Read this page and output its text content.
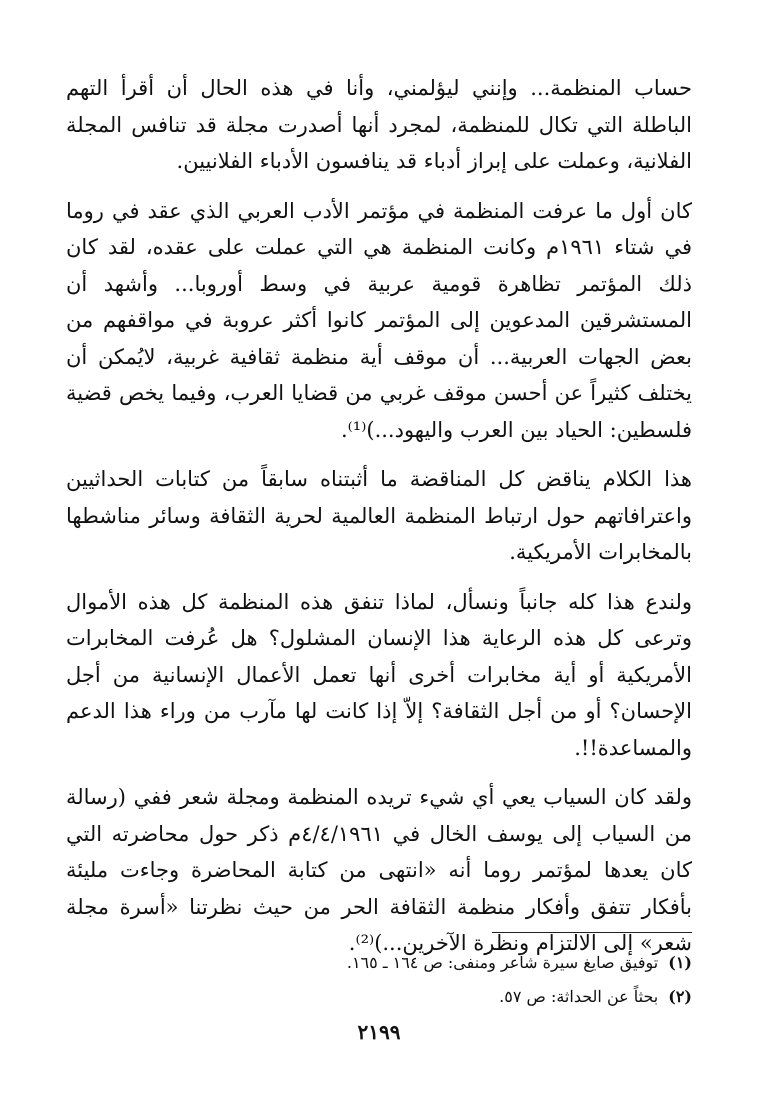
حساب المنظمة... وإنني ليؤلمني، وأنا في هذه الحال أن أقرأ التهم الباطلة التي تكال للمنظمة، لمجرد أنها أصدرت مجلة قد تنافس المجلة الفلانية، وعملت على إبراز أدباء قد ينافسون الأدباء الفلانيين.

كان أول ما عرفت المنظمة في مؤتمر الأدب العربي الذي عقد في روما في شتاء ١٩٦١م وكانت المنظمة هي التي عملت على عقده، لقد كان ذلك المؤتمر تظاهرة قومية عربية في وسط أوروبا... وأشهد أن المستشرقين المدعوين إلى المؤتمر كانوا أكثر عروبة في مواقفهم من بعض الجهات العربية... أن موقف أية منظمة ثقافية غربية، لايُمكن أن يختلف كثيراً عن أحسن موقف غربي من قضايا العرب، وفيما يخص قضية فلسطين: الحياد بين العرب واليهود...)⁽¹⁾.

هذا الكلام يناقض كل المناقضة ما أثبتناه سابقاً من كتابات الحداثيين واعترافاتهم حول ارتباط المنظمة العالمية لحرية الثقافة وسائر مناشطها بالمخابرات الأمريكية.

ولندع هذا كله جانباً ونسأل، لماذا تنفق هذه المنظمة كل هذه الأموال وترعى كل هذه الرعاية هذا الإنسان المشلول؟ هل عُرفت المخابرات الأمريكية أو أية مخابرات أخرى أنها تعمل الأعمال الإنسانية من أجل الإحسان؟ أو من أجل الثقافة؟ إلاّ إذا كانت لها مآرب من وراء هذا الدعم والمساعدة!!.

ولقد كان السياب يعي أي شيء تريده المنظمة ومجلة شعر ففي (رسالة من السياب إلى يوسف الخال في ٤/٤/١٩٦١م ذكر حول محاضرته التي كان يعدها لمؤتمر روما أنه «انتهى من كتابة المحاضرة وجاءت مليئة بأفكار تتفق وأفكار منظمة الثقافة الحر من حيث نظرتنا «أسرة مجلة شعر» إلى الالتزام ونظرة الآخرين...)⁽²⁾.

(١)توفيق صايغ سيرة شاعر ومنفى: ص ١٦٤ ـ ١٦٥.

(٢)بحثاً عن الحداثة: ص ٥٧.

٢١٩٩
